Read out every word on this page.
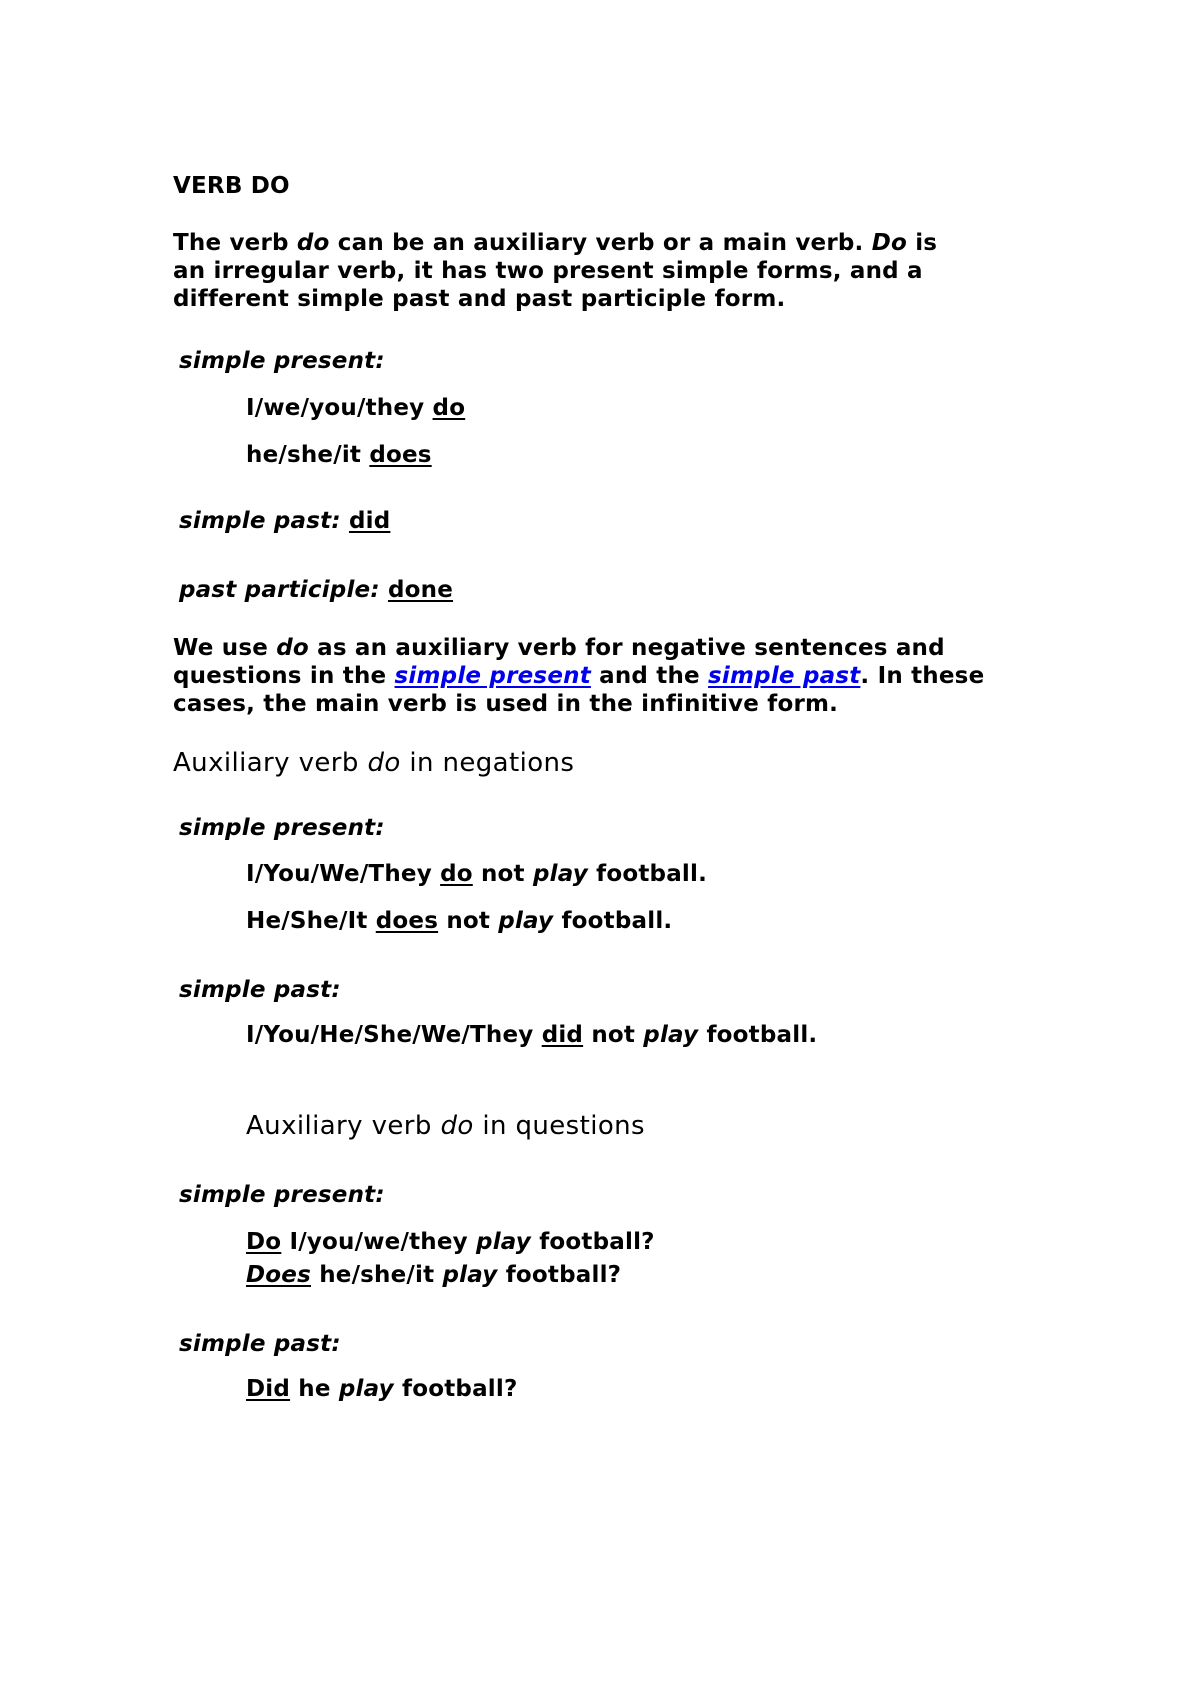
VERB DO
The verb do can be an auxiliary verb or a main verb. Do is
an irregular verb, it has two present simple forms, and a
different simple past and past participle form.
simple present:
I/we/you/they do
he/she/it does
simple past: did
past participle: done
We use do as an auxiliary verb for negative sentences and
questions in the simple present and the simple past. In these
cases, the main verb is used in the infinitive form.
Auxiliary verb do in negations
simple present:
I/You/We/They do not play football.
He/She/It does not play football.
simple past:
I/You/He/She/We/They did not play football.
Auxiliary verb do in questions
simple present:
Do I/you/we/they play football?
Does he/she/it play football?
simple past:
Did he play football?
